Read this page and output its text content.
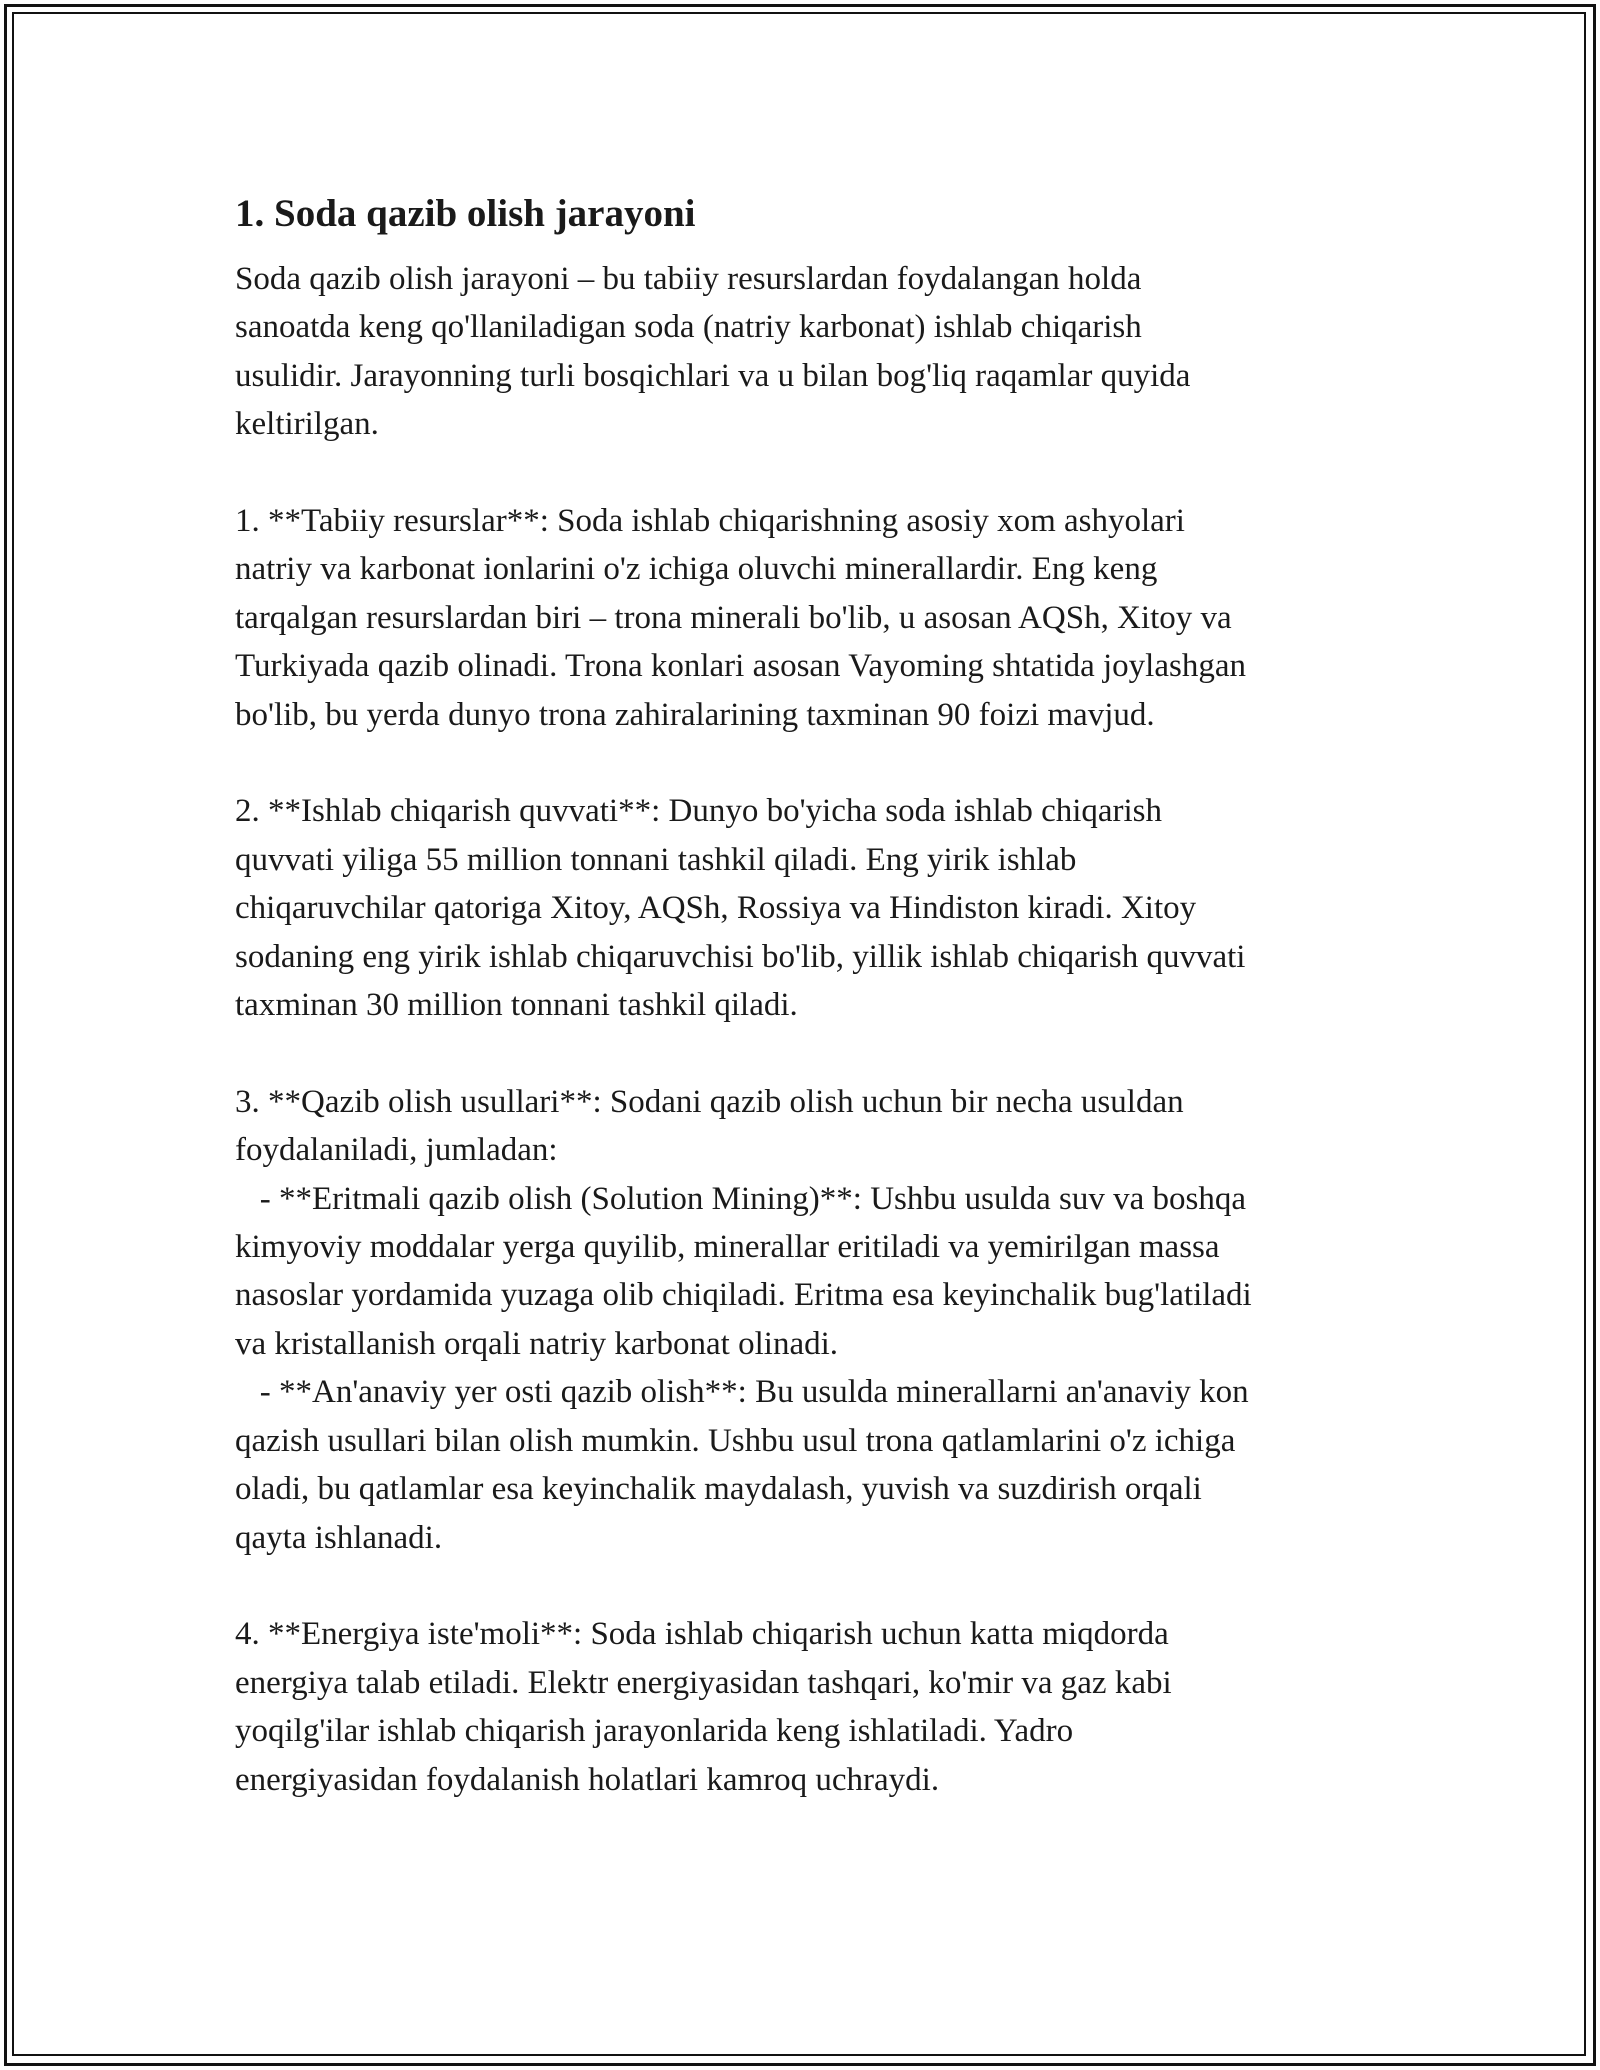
1. Soda qazib olish jarayoni

Soda qazib olish jarayoni – bu tabiiy resurslardan foydalangan holda
sanoatda keng qo'llaniladigan soda (natriy karbonat) ishlab chiqarish
usulidir. Jarayonning turli bosqichlari va u bilan bog'liq raqamlar quyida
keltirilgan.

1. **Tabiiy resurslar**: Soda ishlab chiqarishning asosiy xom ashyolari
natriy va karbonat ionlarini o'z ichiga oluvchi minerallardir. Eng keng
tarqalgan resurslardan biri – trona minerali bo'lib, u asosan AQSh, Xitoy va
Turkiyada qazib olinadi. Trona konlari asosan Vayoming shtatida joylashgan
bo'lib, bu yerda dunyo trona zahiralarining taxminan 90 foizi mavjud.

2. **Ishlab chiqarish quvvati**: Dunyo bo'yicha soda ishlab chiqarish
quvvati yiliga 55 million tonnani tashkil qiladi. Eng yirik ishlab
chiqaruvchilar qatoriga Xitoy, AQSh, Rossiya va Hindiston kiradi. Xitoy
sodaning eng yirik ishlab chiqaruvchisi bo'lib, yillik ishlab chiqarish quvvati
taxminan 30 million tonnani tashkil qiladi.

3. **Qazib olish usullari**: Sodani qazib olish uchun bir necha usuldan
foydalaniladi, jumladan:
- **Eritmali qazib olish (Solution Mining)**: Ushbu usulda suv va boshqa
kimyoviy moddalar yerga quyilib, minerallar eritiladi va yemirilgan massa
nasoslar yordamida yuzaga olib chiqiladi. Eritma esa keyinchalik bug'latiladi
va kristallanish orqali natriy karbonat olinadi.
- **An'anaviy yer osti qazib olish**: Bu usulda minerallarni an'anaviy kon
qazish usullari bilan olish mumkin. Ushbu usul trona qatlamlarini o'z ichiga
oladi, bu qatlamlar esa keyinchalik maydalash, yuvish va suzdirish orqali
qayta ishlanadi.

4. **Energiya iste'moli**: Soda ishlab chiqarish uchun katta miqdorda
energiya talab etiladi. Elektr energiyasidan tashqari, ko'mir va gaz kabi
yoqilg'ilar ishlab chiqarish jarayonlarida keng ishlatiladi. Yadro
energiyasidan foydalanish holatlari kamroq uchraydi.
